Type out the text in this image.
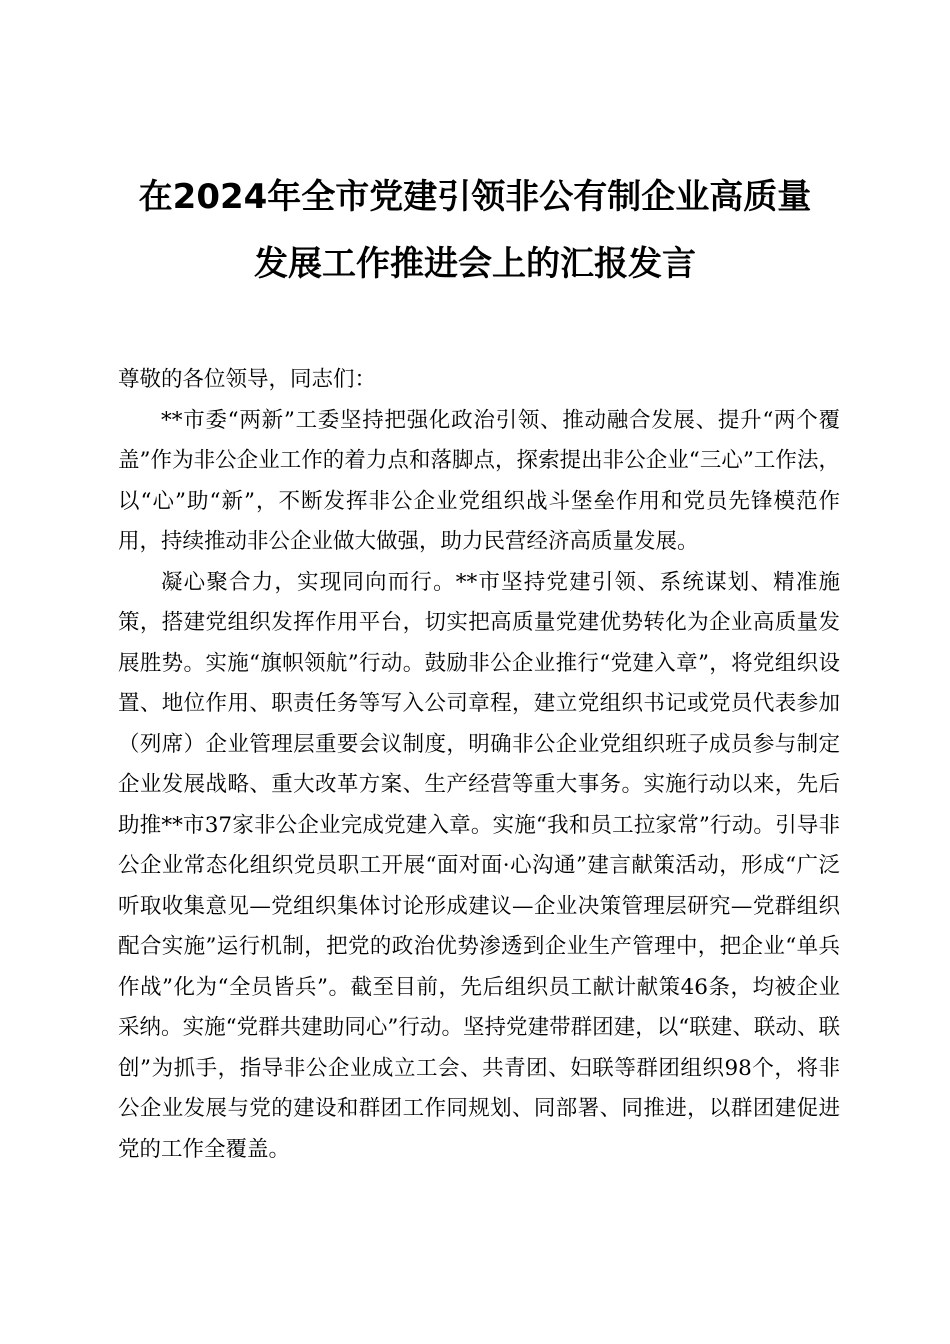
在2024年全市党建引领非公有制企业高质量
发展工作推进会上的汇报发言

尊敬的各位领导，同志们：

**市委“两新”工委坚持把强化政治引领、推动融合发展、提升“两个覆盖”作为非公企业工作的着力点和落脚点，探索提出非公企业“三心”工作法，以“心”助“新”，不断发挥非公企业党组织战斗堡垒作用和党员先锋模范作用，持续推动非公企业做大做强，助力民营经济高质量发展。

凝心聚合力，实现同向而行。**市坚持党建引领、系统谋划、精准施策，搭建党组织发挥作用平台，切实把高质量党建优势转化为企业高质量发展胜势。实施“旗帜领航”行动。鼓励非公企业推行“党建入章”，将党组织设置、地位作用、职责任务等写入公司章程，建立党组织书记或党员代表参加（列席）企业管理层重要会议制度，明确非公企业党组织班子成员参与制定企业发展战略、重大改革方案、生产经营等重大事务。实施行动以来，先后助推**市37家非公企业完成党建入章。实施“我和员工拉家常”行动。引导非公企业常态化组织党员职工开展“面对面·心沟通”建言献策活动，形成“广泛听取收集意见—党组织集体讨论形成建议—企业决策管理层研究—党群组织配合实施”运行机制，把党的政治优势渗透到企业生产管理中，把企业“单兵作战”化为“全员皆兵”。截至目前，先后组织员工献计献策46条，均被企业采纳。实施“党群共建助同心”行动。坚持党建带群团建，以“联建、联动、联创”为抓手，指导非公企业成立工会、共青团、妇联等群团组织98个，将非公企业发展与党的建设和群团工作同规划、同部署、同推进，以群团建促进党的工作全覆盖。
